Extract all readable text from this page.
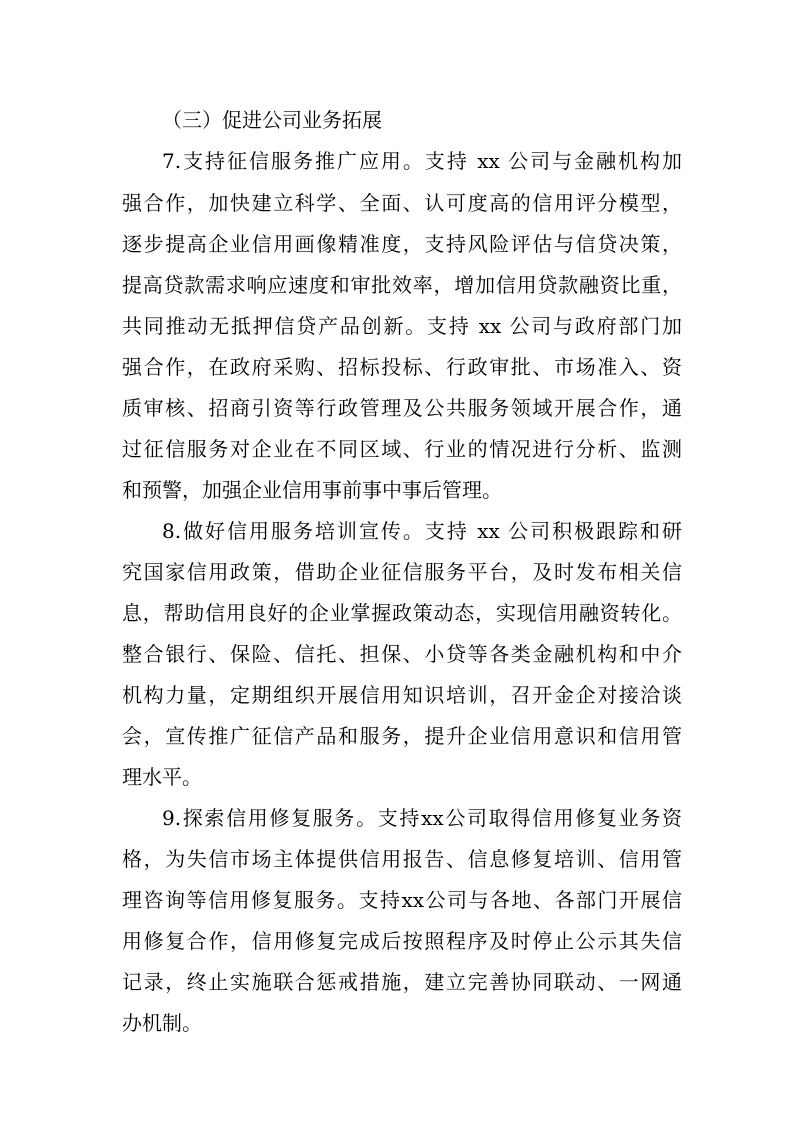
（三）促进公司业务拓展
7.支持征信服务推广应用。支持 xx 公司与金融机构加
强合作，加快建立科学、全面、认可度高的信用评分模型，
逐步提高企业信用画像精准度，支持风险评估与信贷决策，
提高贷款需求响应速度和审批效率，增加信用贷款融资比重，
共同推动无抵押信贷产品创新。支持 xx 公司与政府部门加
强合作，在政府采购、招标投标、行政审批、市场准入、资
质审核、招商引资等行政管理及公共服务领域开展合作，通
过征信服务对企业在不同区域、行业的情况进行分析、监测
和预警，加强企业信用事前事中事后管理。
8.做好信用服务培训宣传。支持 xx 公司积极跟踪和研
究国家信用政策，借助企业征信服务平台，及时发布相关信
息，帮助信用良好的企业掌握政策动态，实现信用融资转化。
整合银行、保险、信托、担保、小贷等各类金融机构和中介
机构力量，定期组织开展信用知识培训，召开金企对接洽谈
会，宣传推广征信产品和服务，提升企业信用意识和信用管
理水平。
9.探索信用修复服务。支持xx公司取得信用修复业务资
格，为失信市场主体提供信用报告、信息修复培训、信用管
理咨询等信用修复服务。支持xx公司与各地、各部门开展信
用修复合作，信用修复完成后按照程序及时停止公示其失信
记录，终止实施联合惩戒措施，建立完善协同联动、一网通
办机制。
